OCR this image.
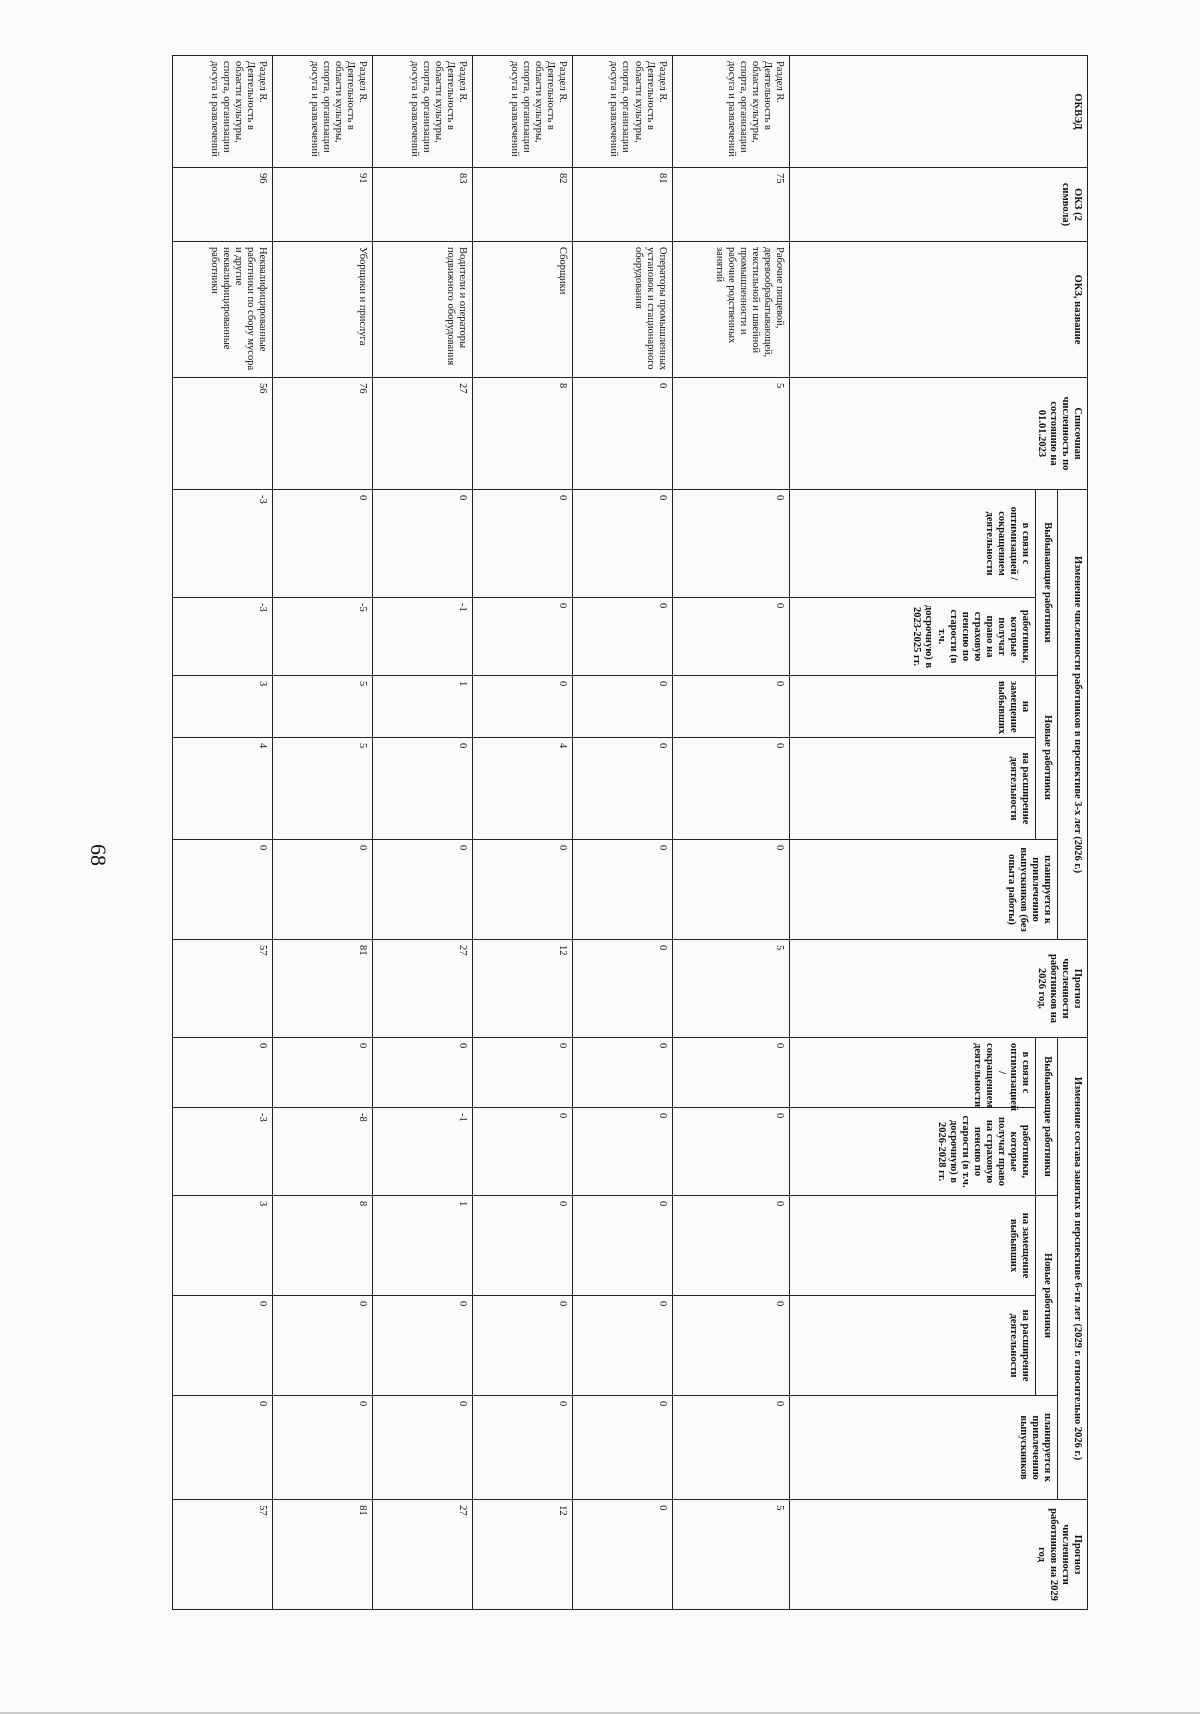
68
ОКВЭД	ОКЗ (2 символа)	ОКЗ, название	Списочная численность по состоянию на 01.01.2023	Изменение численности работников в перспективе 3-х лет (2026 г.)					Прогноз численности работников на 2026 год.	Изменение состава занятых в перспективе 6-ти лет (2029 г. относительно 2026 г.)					Прогноз численности работников на 2029 год
				Выбывающие работники		Новые работники		планируется к привлечению выпускников (без опыта работы)		Выбывающие работники		Новые работники		планируется к привлечению выпускников	
				в связи с оптимизацией / сокращением деятельности	работники, которые получат право на страховую пенсию по старости (в т.ч. досрочную) в 2023-2025 гг.	на замещение выбывших	на расширение деятельности			в связи с оптимизацией / сокращением деятельности	работники, которые получат право на страховую пенсию по старости (в т.ч. досрочную) в 2026-2028 гг.	на замещение выбывших	на расширение деятельности		
Раздел R. Деятельность в области культуры, спорта, организации досуга и развлечений	75	Рабочие пищевой, деревообрабатывающей, текстильной и швейной промышленности и рабочие родственных занятий	5	0	0	0	0	0	5	0	0	0	0	0	5
Раздел R. Деятельность в области культуры, спорта, организации досуга и развлечений	81	Операторы промышленных установок и стационарного оборудования	0	0	0	0	0	0	0	0	0	0	0	0	0
Раздел R. Деятельность в области культуры, спорта, организации досуга и развлечений	82	Сборщики	8	0	0	0	4	0	12	0	0	0	0	0	12
Раздел R. Деятельность в области культуры, спорта, организации досуга и развлечений	83	Водители и операторы подвижного оборудования	27	0	-1	1	0	0	27	0	-1	1	0	0	27
Раздел R. Деятельность в области культуры, спорта, организации досуга и развлечений	91	Уборщики и прислуга	76	0	-5	5	5	0	81	0	-8	8	0	0	81
Раздел R. Деятельность в области культуры, спорта, организации досуга и развлечений	96	Неквалифицированные работники по сбору мусора и другие неквалифицированные работники	56	-3	-3	3	4	0	57	0	-3	3	0	0	57
